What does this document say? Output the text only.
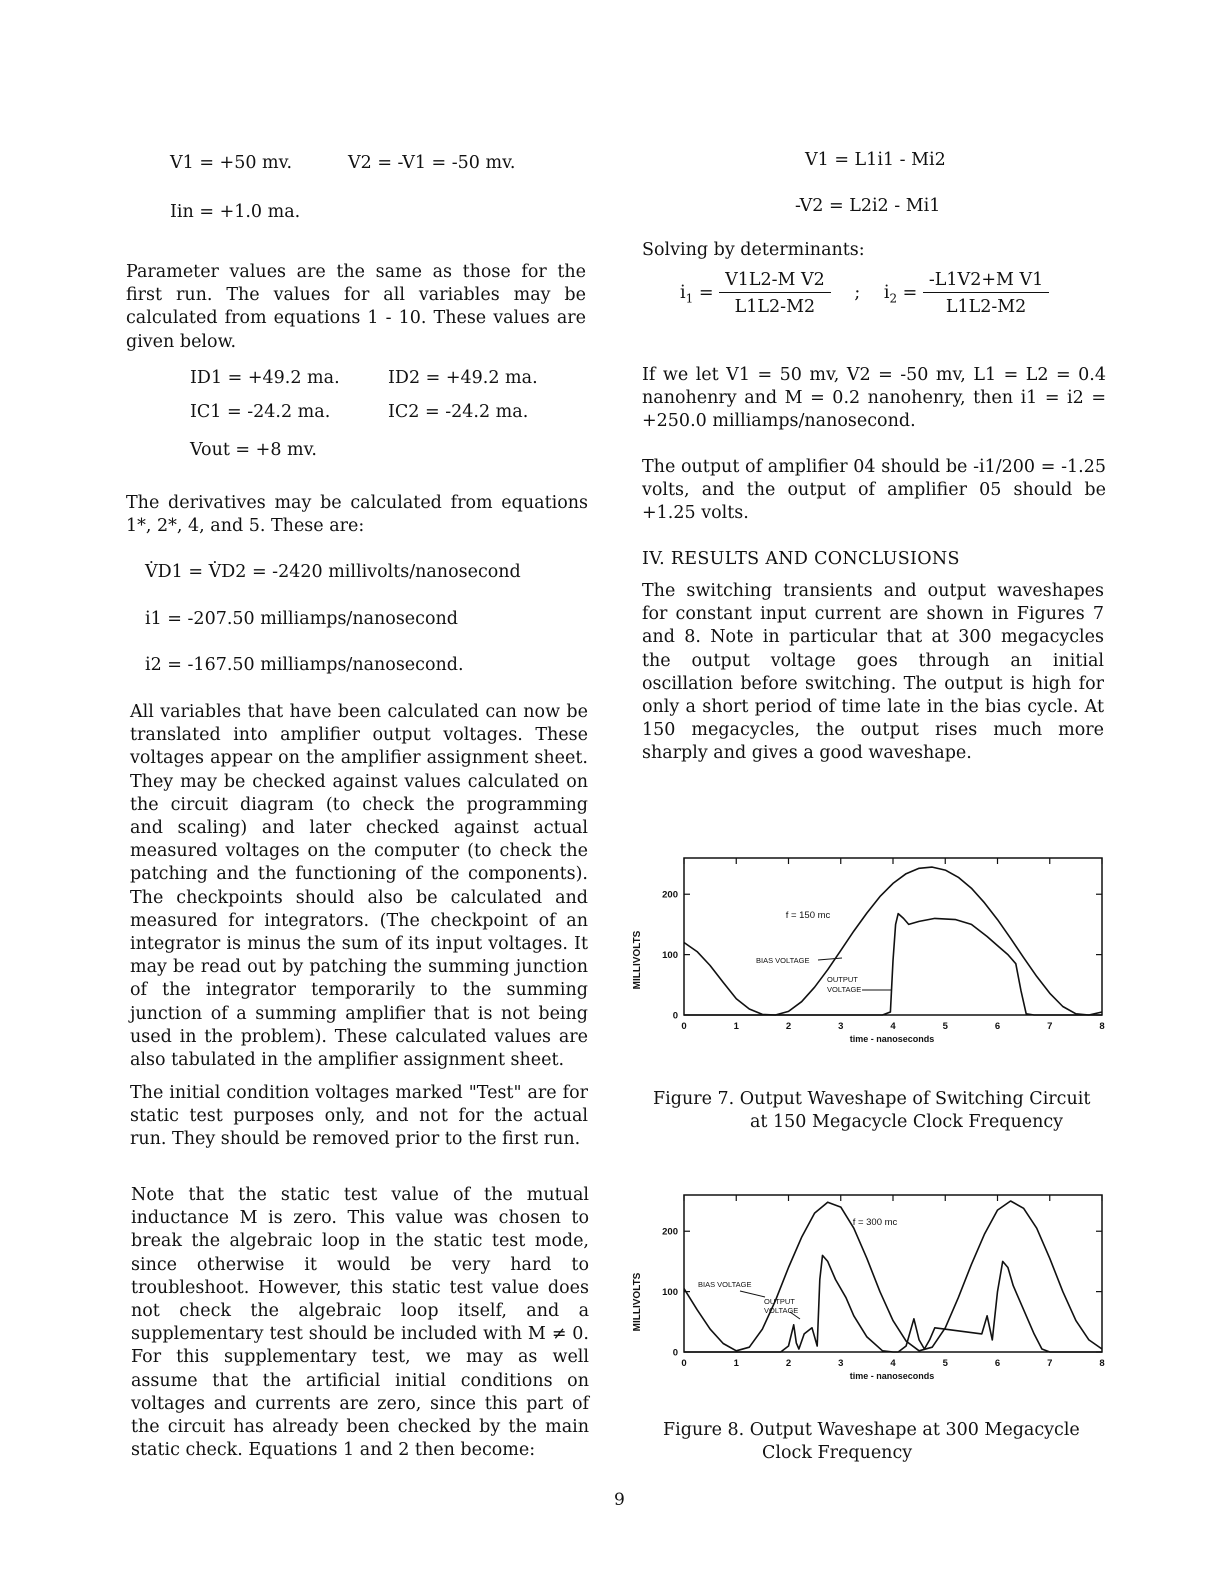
V1 = +50 mv.	V2 = -V1 = -50 mv.
Iin = +1.0 ma.

Parameter values are the same as those for the first run. The values for all variables may be calculated from equations 1 - 10. These values are given below.

ID1 = +49.2 ma.	ID2 = +49.2 ma.
IC1 = -24.2 ma.	IC2 = -24.2 ma.
Vout = +8 mv.

The derivatives may be calculated from equations 1*, 2*, 4, and 5. These are:

V̇D1 = V̇D2 = -2420 millivolts/nanosecond
i̇1 = -207.50 milliamps/nanosecond
i̇2 = -167.50 milliamps/nanosecond.

All variables that have been calculated can now be translated into amplifier output voltages. These voltages appear on the amplifier assignment sheet. They may be checked against values calculated on the circuit diagram (to check the programming and scaling) and later checked against actual measured voltages on the computer (to check the patching and the functioning of the components). The checkpoints should also be calculated and measured for integrators. (The checkpoint of an integrator is minus the sum of its input voltages. It may be read out by patching the summing junction of the integrator temporarily to the summing junction of a summing amplifier that is not being used in the problem). These calculated values are also tabulated in the amplifier assignment sheet.

The initial condition voltages marked "Test" are for static test purposes only, and not for the actual run. They should be removed prior to the first run.

Note that the static test value of the mutual inductance M is zero. This value was chosen to break the algebraic loop in the static test mode, since otherwise it would be very hard to troubleshoot. However, this static test value does not check the algebraic loop itself, and a supplementary test should be included with M ≠ 0. For this supplementary test, we may as well assume that the artificial initial conditions on voltages and currents are zero, since this part of the circuit has already been checked by the main static check. Equations 1 and 2 then become:

V1 = L1i̇1 - Mi̇2
-V2 = L2i̇2 - Mi̇1
Solving by determinants:
$i̇_1 = \frac{\text{V1L2-M V2}}{L1L2-M2}$ ; $i̇_2 = \frac{\text{-L1V2+M V1}}{L1L2-M2}$

If we let V1 = 50 mv, V2 = -50 mv, L1 = L2 = 0.4 nanohenry and M = 0.2 nanohenry, then i̇1 = i̇2 = +250.0 milliamps/nanosecond.

The output of amplifier 04 should be -i̇1/200 = -1.25 volts, and the output of amplifier 05 should be +1.25 volts.

IV. RESULTS AND CONCLUSIONS

The switching transients and output waveshapes for constant input current are shown in Figures 7 and 8. Note in particular that at 300 megacycles the output voltage goes through an initial oscillation before switching. The output is high for only a short period of time late in the bias cycle. At 150 megacycles, the output rises much more sharply and gives a good waveshape.

0	1	2	3	4	5	6	7	8
0
100
200
MILLIVOLTS
time - nanoseconds
f = 150 mc
BIAS VOLTAGE
OUTPUT
VOLTAGE
Figure 7. Output Waveshape of Switching Circuit
at 150 Megacycle Clock Frequency
0	1	2	3	4	5	6	7	8
0
100
200
MILLIVOLTS
time - nanoseconds
f = 300 mc
BIAS VOLTAGE
OUTPUT
VOLTAGE
Figure 8. Output Waveshape at 300 Megacycle
Clock Frequency
9
